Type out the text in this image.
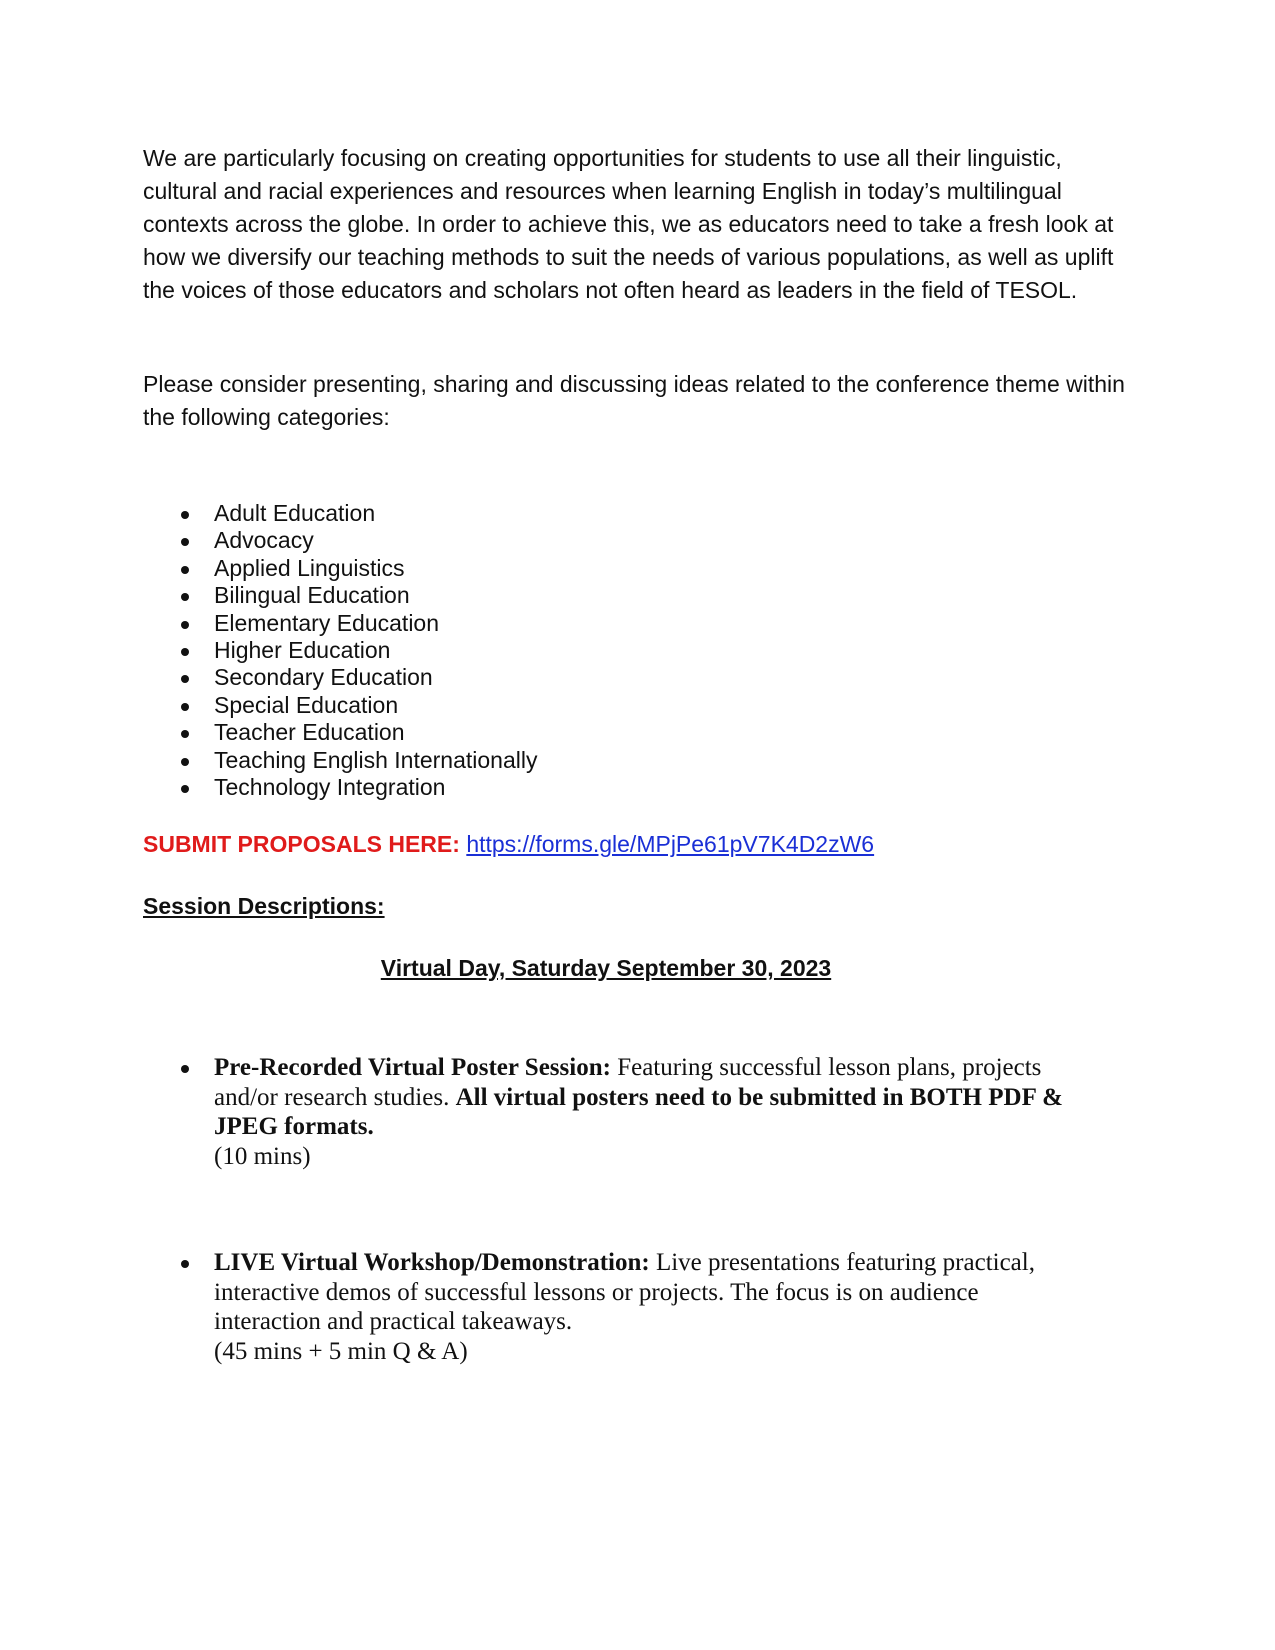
We are particularly focusing on creating opportunities for students to use all their linguistic, cultural and racial experiences and resources when learning English in today’s multilingual contexts across the globe. In order to achieve this, we as educators need to take a fresh look at how we diversify our teaching methods to suit the needs of various populations, as well as uplift the voices of those educators and scholars not often heard as leaders in the field of TESOL.

Please consider presenting, sharing and discussing ideas related to the conference theme within the following categories:

Adult Education
Advocacy
Applied Linguistics
Bilingual Education
Elementary Education
Higher Education
Secondary Education
Special Education
Teacher Education
Teaching English Internationally
Technology Integration
SUBMIT PROPOSALS HERE: https://forms.gle/MPjPe61pV7K4D2zW6
Session Descriptions:
Virtual Day, Saturday September 30, 2023
Pre-Recorded Virtual Poster Session: Featuring successful lesson plans, projects and/or research studies. All virtual posters need to be submitted in BOTH PDF & JPEG formats.
(10 mins)
LIVE Virtual Workshop/Demonstration: Live presentations featuring practical, interactive demos of successful lessons or projects. The focus is on audience interaction and practical takeaways.
(45 mins + 5 min Q & A)
